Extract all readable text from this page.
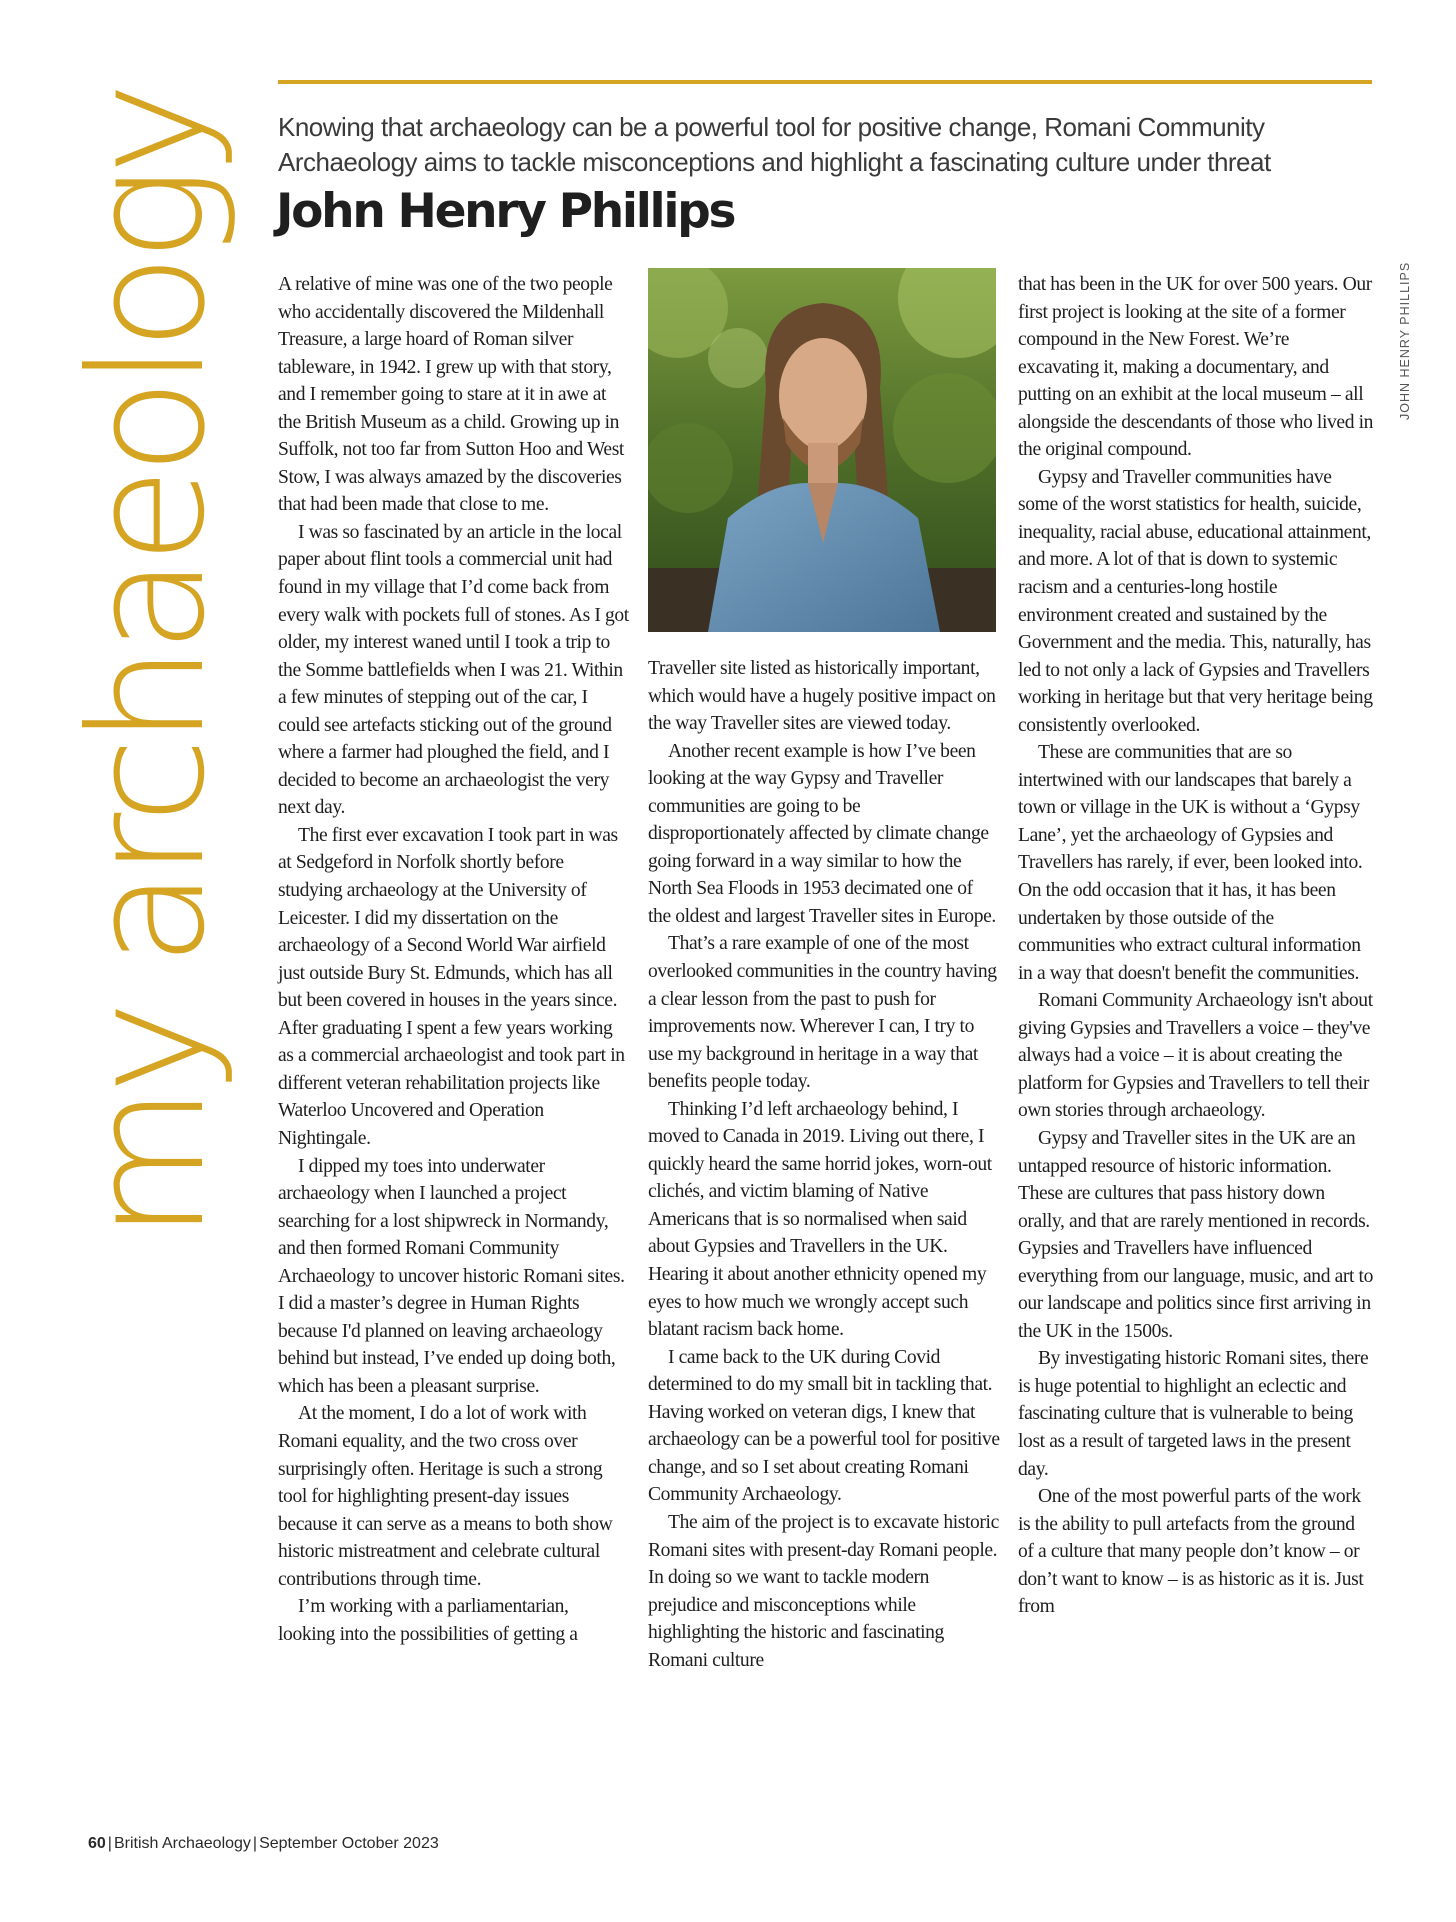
my archaeology	Knowing that archaeology can be a powerful tool for positive change, Romani Community
Archaeology aims to tackle misconceptions and highlight a fascinating culture under threat
John Henry Phillips

A relative of mine was one of the two people who accidentally discovered the Mildenhall Treasure, a large hoard of Roman silver tableware, in 1942. I grew up with that story, and I remember going to stare at it in awe at the British Museum as a child. Growing up in Suffolk, not too far from Sutton Hoo and West Stow, I was always amazed by the discoveries that had been made that close to me.

I was so fascinated by an article in the local paper about flint tools a commercial unit had found in my village that I’d come back from every walk with pockets full of stones. As I got older, my interest waned until I took a trip to the Somme battlefields when I was 21. Within a few minutes of stepping out of the car, I could see artefacts sticking out of the ground where a farmer had ploughed the field, and I decided to become an archaeologist the very next day.

The first ever excavation I took part in was at Sedgeford in Norfolk shortly before studying archaeology at the University of Leicester. I did my dissertation on the archaeology of a Second World War airfield just outside Bury St. Edmunds, which has all but been covered in houses in the years since. After graduating I spent a few years working as a commercial archaeologist and took part in different veteran rehabilitation projects like Waterloo Uncovered and Operation Nightingale.

I dipped my toes into underwater archaeology when I launched a project searching for a lost shipwreck in Normandy, and then formed Romani Community Archaeology to uncover historic Romani sites. I did a master’s degree in Human Rights because I'd planned on leaving archaeology behind but instead, I’ve ended up doing both, which has been a pleasant surprise.

At the moment, I do a lot of work with Romani equality, and the two cross over surprisingly often. Heritage is such a strong tool for highlighting present-day issues because it can serve as a means to both show historic mistreatment and celebrate cultural contributions through time.

I’m working with a parliamentarian, looking into the possibilities of getting a

JOHN HENRY PHILLIPS

Traveller site listed as historically important, which would have a hugely positive impact on the way Traveller sites are viewed today.

Another recent example is how I’ve been looking at the way Gypsy and Traveller communities are going to be disproportionately affected by climate change going forward in a way similar to how the North Sea Floods in 1953 decimated one of the oldest and largest Traveller sites in Europe.

That’s a rare example of one of the most overlooked communities in the country having a clear lesson from the past to push for improvements now. Wherever I can, I try to use my background in heritage in a way that benefits people today.

Thinking I’d left archaeology behind, I moved to Canada in 2019. Living out there, I quickly heard the same horrid jokes, worn-out clichés, and victim blaming of Native Americans that is so normalised when said about Gypsies and Travellers in the UK. Hearing it about another ethnicity opened my eyes to how much we wrongly accept such blatant racism back home.

I came back to the UK during Covid determined to do my small bit in tackling that. Having worked on veteran digs, I knew that archaeology can be a powerful tool for positive change, and so I set about creating Romani Community Archaeology.

The aim of the project is to excavate historic Romani sites with present-day Romani people. In doing so we want to tackle modern prejudice and misconceptions while highlighting the historic and fascinating Romani culture

that has been in the UK for over 500 years. Our first project is looking at the site of a former compound in the New Forest. We’re excavating it, making a documentary, and putting on an exhibit at the local museum – all alongside the descendants of those who lived in the original compound.

Gypsy and Traveller communities have some of the worst statistics for health, suicide, inequality, racial abuse, educational attainment, and more. A lot of that is down to systemic racism and a centuries-long hostile environment created and sustained by the Government and the media. This, naturally, has led to not only a lack of Gypsies and Travellers working in heritage but that very heritage being consistently overlooked.

These are communities that are so intertwined with our landscapes that barely a town or village in the UK is without a ‘Gypsy Lane’, yet the archaeology of Gypsies and Travellers has rarely, if ever, been looked into. On the odd occasion that it has, it has been undertaken by those outside of the communities who extract cultural information in a way that doesn't benefit the communities.

Romani Community Archaeology isn't about giving Gypsies and Travellers a voice – they've always had a voice – it is about creating the platform for Gypsies and Travellers to tell their own stories through archaeology.

Gypsy and Traveller sites in the UK are an untapped resource of historic information. These are cultures that pass history down orally, and that are rarely mentioned in records. Gypsies and Travellers have influenced everything from our language, music, and art to our landscape and politics since first arriving in the UK in the 1500s.

By investigating historic Romani sites, there is huge potential to highlight an eclectic and fascinating culture that is vulnerable to being lost as a result of targeted laws in the present day.

One of the most powerful parts of the work is the ability to pull artefacts from the ground of a culture that many people don’t know – or don’t want to know – is as historic as it is. Just from

60 | British Archaeology | September October 2023
